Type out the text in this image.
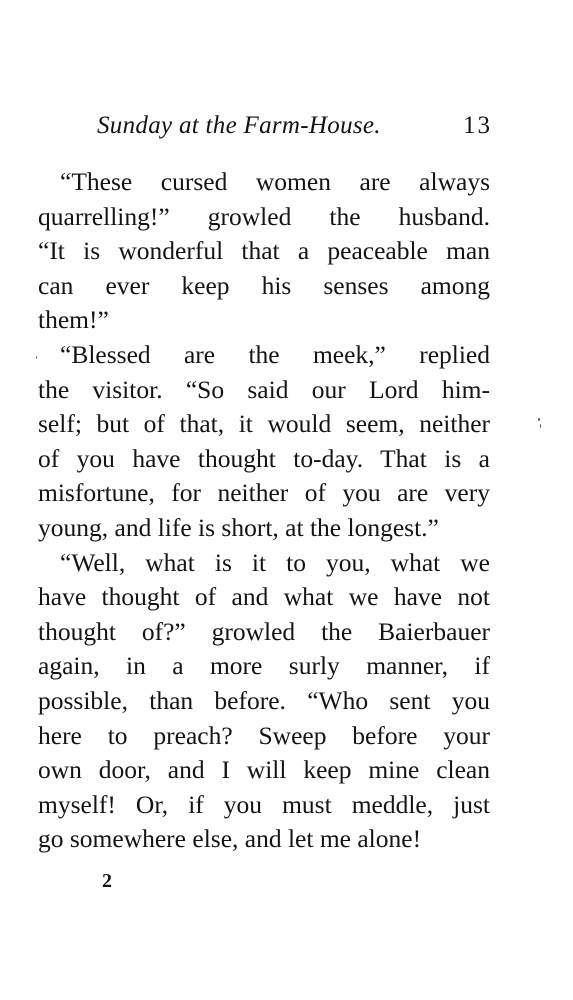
Sunday at the Farm-House.	13
“These cursed women are always
quarrelling!” growled the husband.
“It is wonderful that a peaceable man
can ever keep his senses among
them!”
“Blessed are the meek,” replied
the visitor. “So said our Lord him-
self; but of that, it would seem, neither
of you have thought to-day. That is a
misfortune, for neither of you are very
young, and life is short, at the longest.”
“Well, what is it to you, what we
have thought of and what we have not
thought of?” growled the Baierbauer
again, in a more surly manner, if
possible, than before. “Who sent you
here to preach? Sweep before your
own door, and I will keep mine clean
myself! Or, if you must meddle, just
go somewhere else, and let me alone!
2
